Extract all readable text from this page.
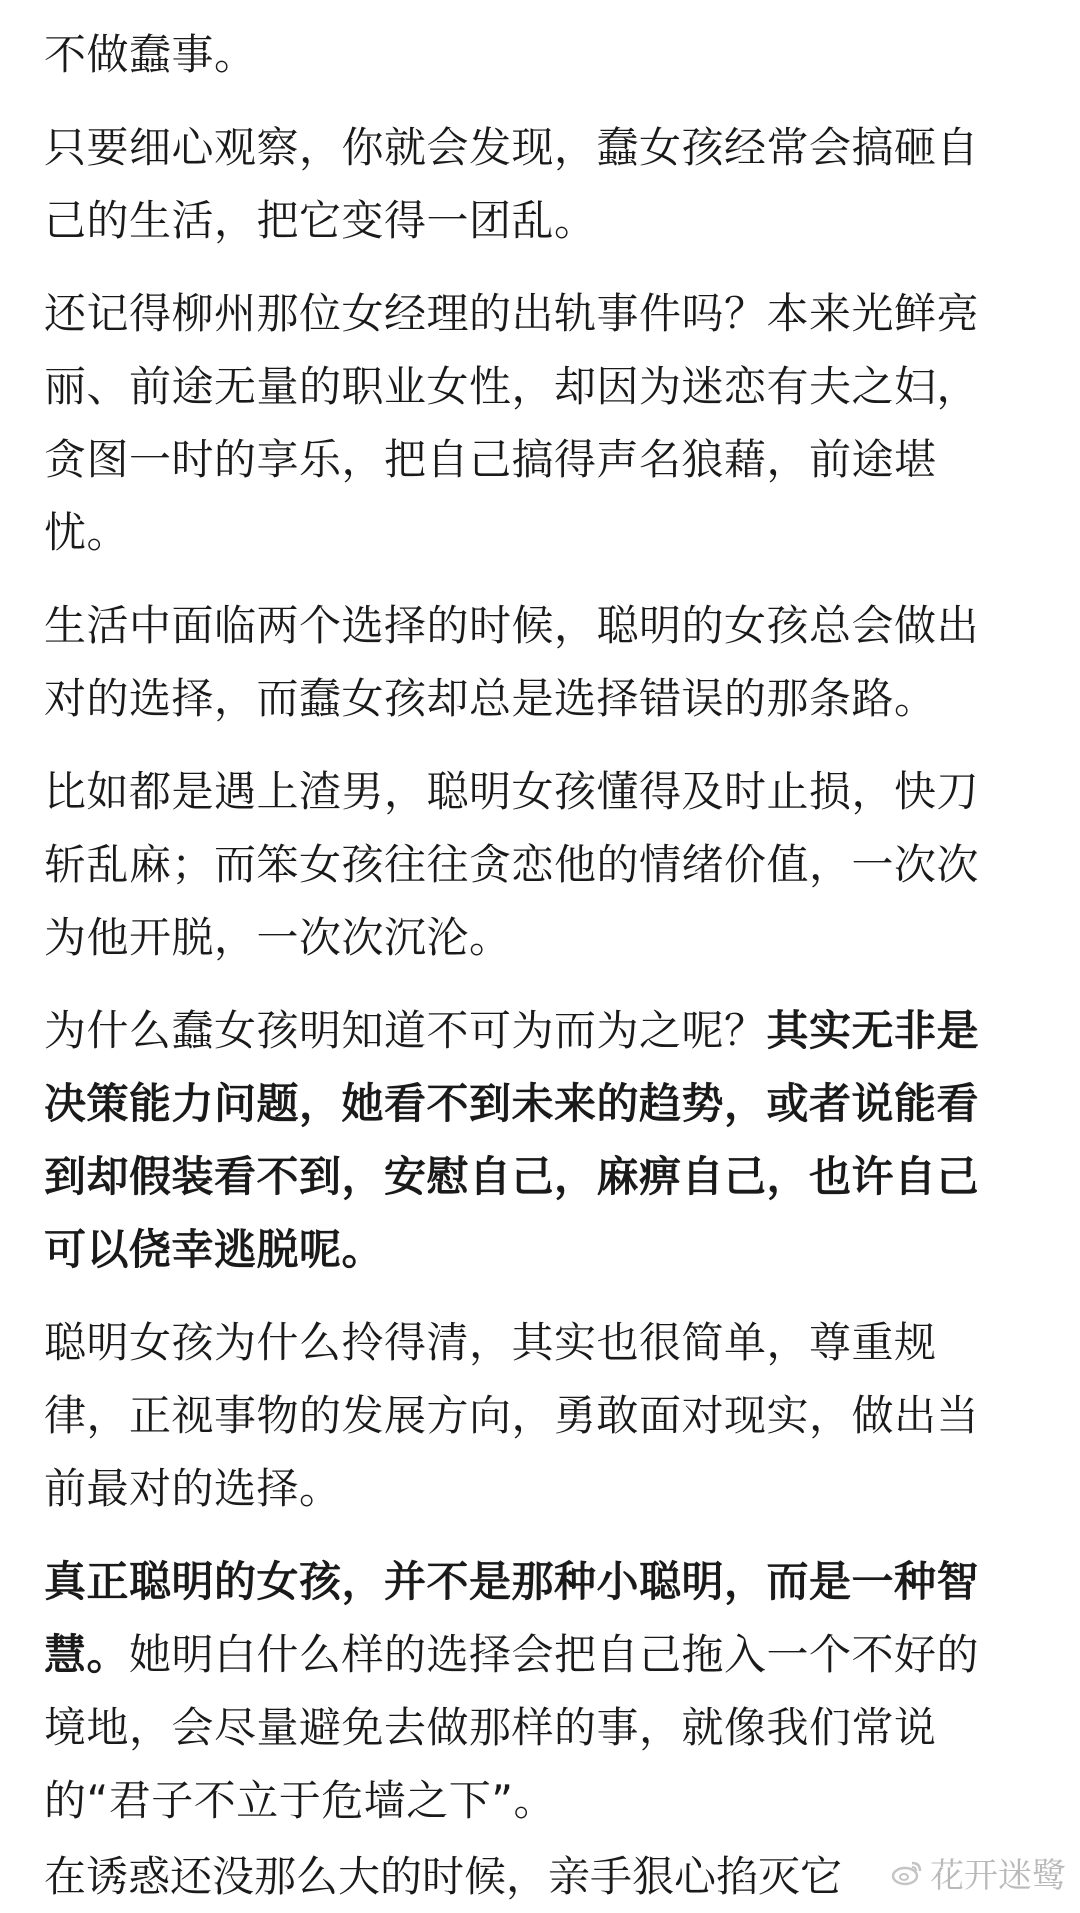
不做蠢事。

只要细心观察，你就会发现，蠢女孩经常会搞砸自己的生活，把它变得一团乱。

还记得柳州那位女经理的出轨事件吗？本来光鲜亮丽、前途无量的职业女性，却因为迷恋有夫之妇，贪图一时的享乐，把自己搞得声名狼藉，前途堪忧。

生活中面临两个选择的时候，聪明的女孩总会做出对的选择，而蠢女孩却总是选择错误的那条路。

比如都是遇上渣男，聪明女孩懂得及时止损，快刀斩乱麻；而笨女孩往往贪恋他的情绪价值，一次次为他开脱，一次次沉沦。

为什么蠢女孩明知道不可为而为之呢？其实无非是决策能力问题，她看不到未来的趋势，或者说能看到却假装看不到，安慰自己，麻痹自己，也许自己可以侥幸逃脱呢。

聪明女孩为什么拎得清，其实也很简单，尊重规律，正视事物的发展方向，勇敢面对现实，做出当前最对的选择。

真正聪明的女孩，并不是那种小聪明，而是一种智慧。她明白什么样的选择会把自己拖入一个不好的境地，会尽量避免去做那样的事，就像我们常说的“君子不立于危墙之下”。

在诱惑还没那么大的时候，亲手狠心掐灭它	花开迷鹭
